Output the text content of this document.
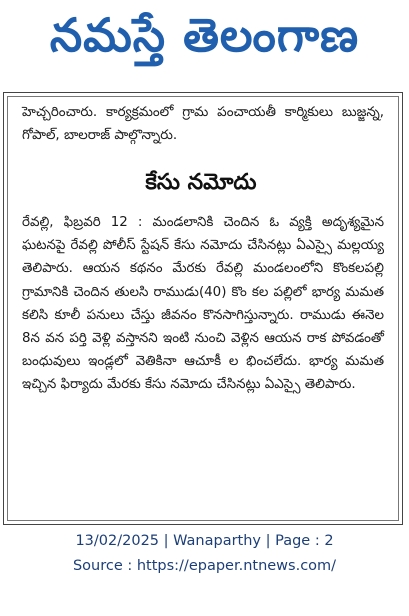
నమస్తే తెలంగాణ
హెచ్చరించారు. కార్యక్రమంలో గ్రామ పంచాయతీ కార్మికులు బుజ్జన్న, గోపాల్, బాలరాజ్ పాల్గొన్నారు.
కేసు నమోదు
రేవల్లి, ఫిబ్రవరి 12 : మండలానికి చెందిన ఓ వ్యక్తి అదృశ్యమైన ఘటనపై రేవల్లి పోలీస్ స్టేషన్ కేసు నమోదు చేసినట్లు ఏఎస్సై మల్లయ్య తెలిపారు. ఆయన కథనం మేరకు రేవల్లి మండలంలోని కొంకలపల్లి గ్రామానికి చెందిన తులసి రాముడు(40) కొం కల పల్లిలో భార్య మమత కలిసి కూలీ పనులు చేస్తు జీవనం కొనసాగిస్తున్నారు. రాముడు ఈనెల 8న వన పర్తి వెళ్లి వస్తానని ఇంటి నుంచి వెళ్లిన ఆయన రాక పోవడంతో బంధువులు ఇండ్లలో వెతికినా ఆచూకీ ల భించలేదు. భార్య మమత ఇచ్చిన ఫిర్యాదు మేరకు కేసు నమోదు చేసినట్లు ఏఎస్సై తెలిపారు.
13/02/2025 | Wanaparthy | Page : 2
Source : https://epaper.ntnews.com/
